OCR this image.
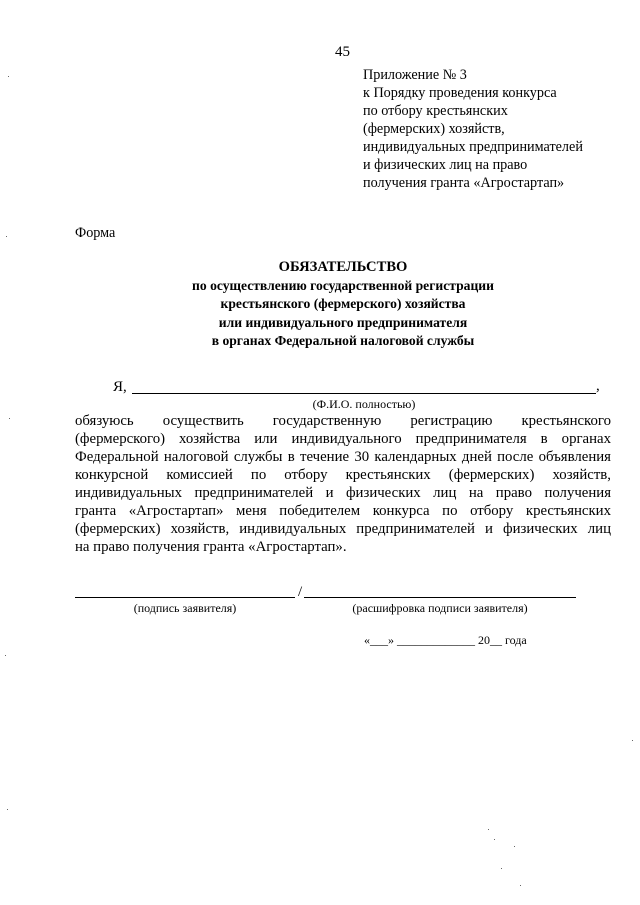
45
Приложение № 3
к Порядку проведения конкурса
по отбору крестьянских
(фермерских) хозяйств,
индивидуальных предпринимателей
и физических лиц на право
получения гранта «Агростартап»
Форма
ОБЯЗАТЕЛЬСТВО
по осуществлению государственной регистрации
крестьянского (фермерского) хозяйства
или индивидуального предпринимателя
в органах Федеральной налоговой службы
Я,	,
(Ф.И.О. полностью)
обязуюсь осуществить государственную регистрацию крестьянского
(фермерского) хозяйства или индивидуального предпринимателя в органах
Федеральной налоговой службы в течение 30 календарных дней после объявления
конкурсной комиссией по отбору крестьянских (фермерских) хозяйств,
индивидуальных предпринимателей и физических лиц на право получения
гранта «Агростартап» меня победителем конкурса по отбору крестьянских
(фермерских) хозяйств, индивидуальных предпринимателей и физических лиц
на право получения гранта «Агростартап».
/
(подпись заявителя)	(расшифровка подписи заявителя)
«___» _____________ 20__ года
